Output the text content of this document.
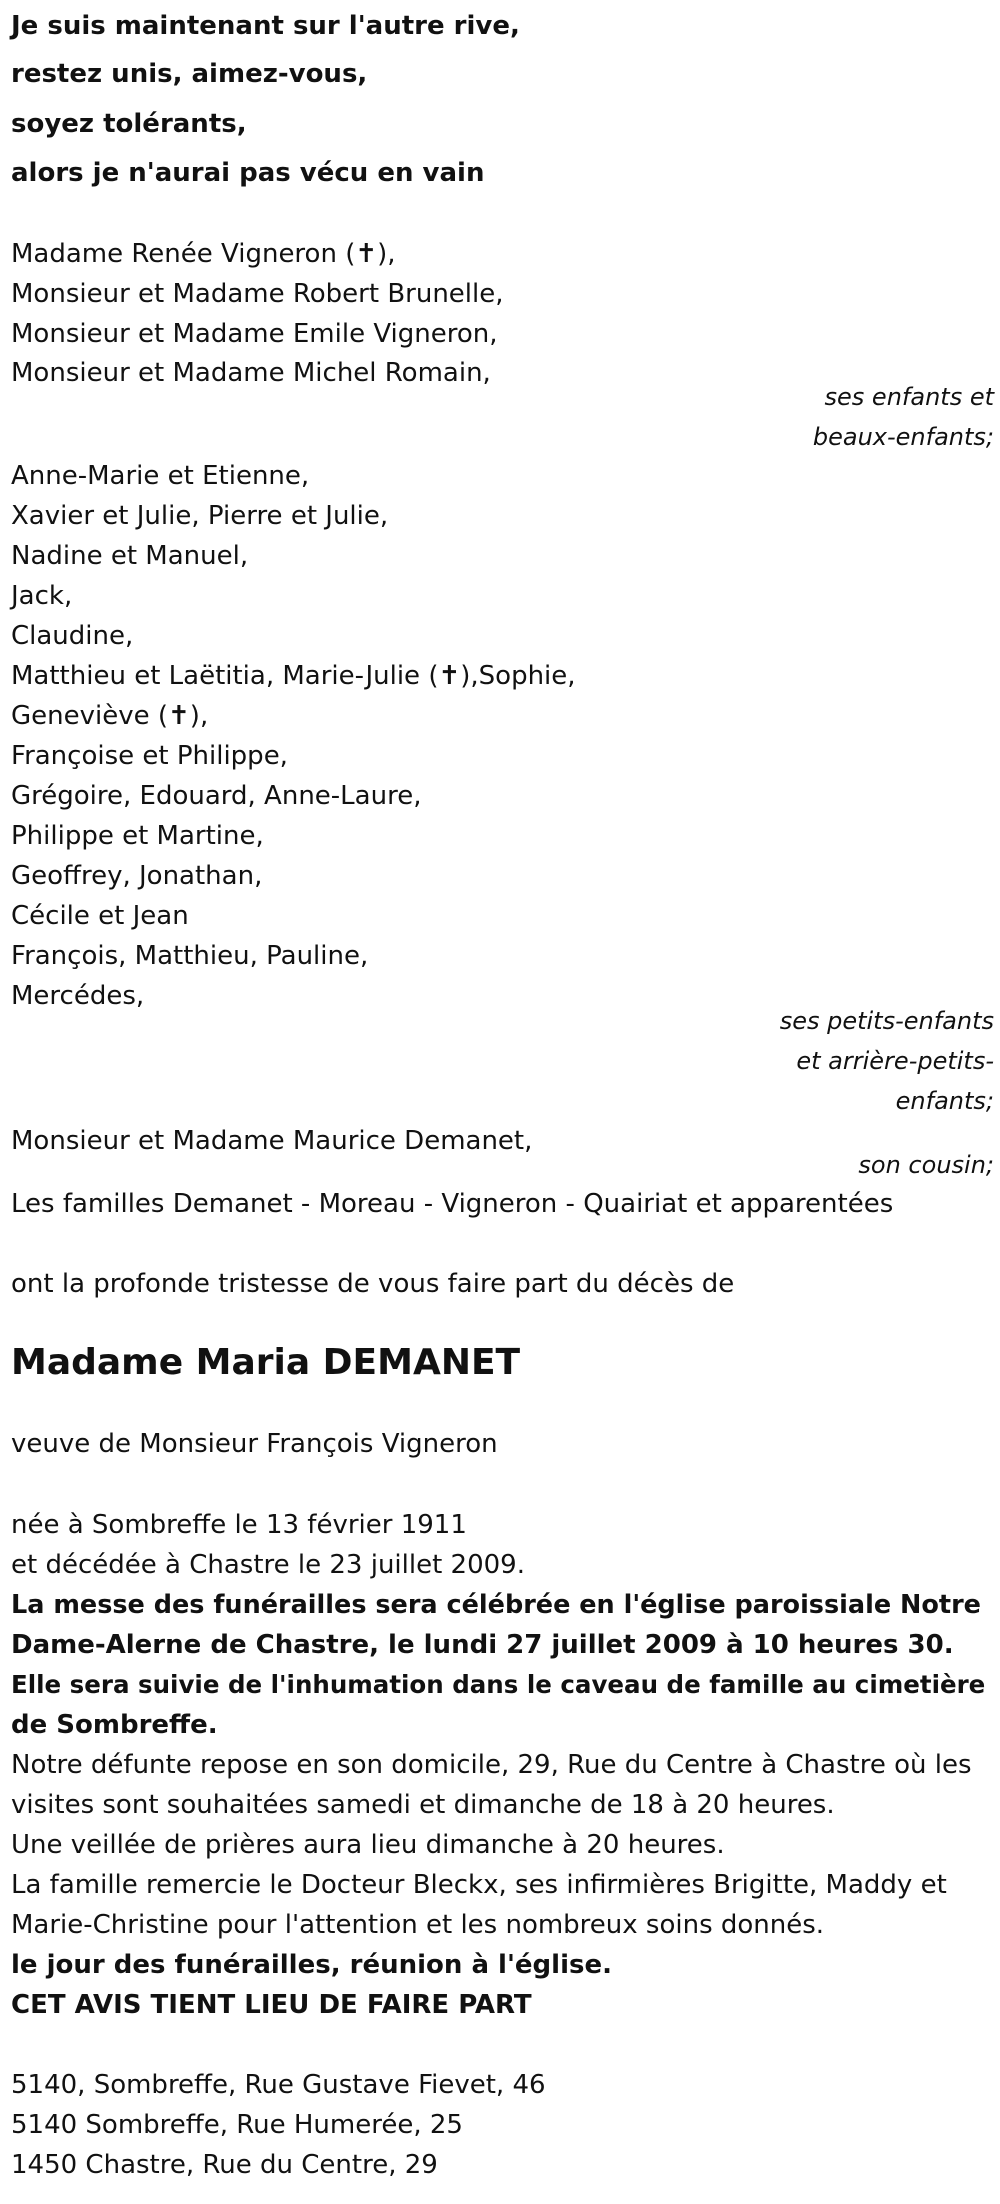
Je suis maintenant sur l'autre rive,
restez unis, aimez-vous,
soyez tolérants,
alors je n'aurai pas vécu en vain
Madame Renée Vigneron (✝),
Monsieur et Madame Robert Brunelle,
Monsieur et Madame Emile Vigneron,
Monsieur et Madame Michel Romain,
ses enfants et
beaux-enfants;
Anne-Marie et Etienne,
Xavier et Julie, Pierre et Julie,
Nadine et Manuel,
Jack,
Claudine,
Matthieu et Laëtitia, Marie-Julie (✝),Sophie,
Geneviève (✝),
Françoise et Philippe,
Grégoire, Edouard, Anne-Laure,
Philippe et Martine,
Geoffrey, Jonathan,
Cécile et Jean
François, Matthieu, Pauline,
Mercédes,
ses petits-enfants
et arrière-petits-
enfants;
Monsieur et Madame Maurice Demanet,
son cousin;
Les familles Demanet - Moreau - Vigneron - Quairiat et apparentées
ont la profonde tristesse de vous faire part du décès de
Madame Maria DEMANET
veuve de Monsieur François Vigneron
née à Sombreffe le 13 février 1911
et décédée à Chastre le 23 juillet 2009.
La messe des funérailles sera célébrée en l'église paroissiale Notre
Dame-Alerne de Chastre, le lundi 27 juillet 2009 à 10 heures 30.
Elle sera suivie de l'inhumation dans le caveau de famille au cimetière
de Sombreffe.
Notre défunte repose en son domicile, 29, Rue du Centre à Chastre où les
visites sont souhaitées samedi et dimanche de 18 à 20 heures.
Une veillée de prières aura lieu dimanche à 20 heures.
La famille remercie le Docteur Bleckx, ses infirmières Brigitte, Maddy et
Marie-Christine pour l'attention et les nombreux soins donnés.
le jour des funérailles, réunion à l'église.
CET AVIS TIENT LIEU DE FAIRE PART
5140, Sombreffe, Rue Gustave Fievet, 46
5140 Sombreffe, Rue Humerée, 25
1450 Chastre, Rue du Centre, 29
